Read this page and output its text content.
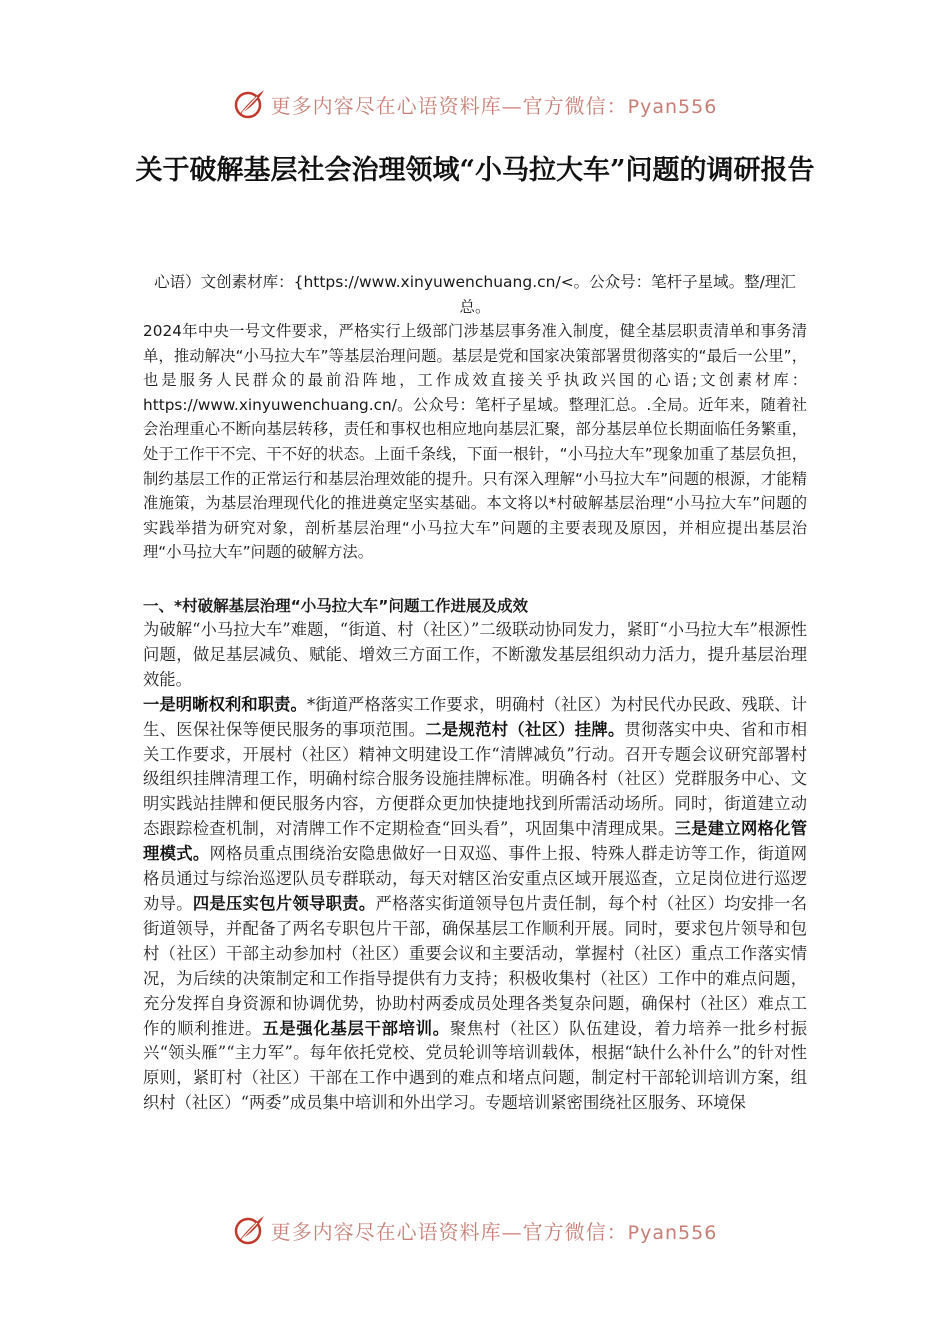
更多内容尽在心语资料库—官方微信：Pyan556
关于破解基层社会治理领域“小马拉大车”问题的调研报告
心语）文创素材库：{https://www.xinyuwenchuang.cn/<。公众号：笔杆子星域。整/理汇总。
2024年中央一号文件要求，严格实行上级部门涉基层事务准入制度，健全基层职责清单和事务清单，推动解决“小马拉大车”等基层治理问题。基层是党和国家决策部署贯彻落实的“最后一公里”，也是服务人民群众的最前沿阵地，工作成效直接关乎执政兴国的心语;文创素材库：https://www.xinyuwenchuang.cn/。公众号：笔杆子星域。整理汇总。.全局。近年来，随着社会治理重心不断向基层转移，责任和事权也相应地向基层汇聚，部分基层单位长期面临任务繁重，处于工作干不完、干不好的状态。上面千条线，下面一根针，“小马拉大车”现象加重了基层负担，制约基层工作的正常运行和基层治理效能的提升。只有深入理解“小马拉大车”问题的根源，才能精准施策，为基层治理现代化的推进奠定坚实基础。本文将以*村破解基层治理“小马拉大车”问题的实践举措为研究对象，剖析基层治理“小马拉大车”问题的主要表现及原因，并相应提出基层治理“小马拉大车”问题的破解方法。
一、*村破解基层治理“小马拉大车”问题工作进展及成效

为破解“小马拉大车”难题，“街道、村（社区）”二级联动协同发力，紧盯“小马拉大车”根源性问题，做足基层减负、赋能、增效三方面工作，不断激发基层组织动力活力，提升基层治理效能。

一是明晰权利和职责。*街道严格落实工作要求，明确村（社区）为村民代办民政、残联、计生、医保社保等便民服务的事项范围。二是规范村（社区）挂牌。贯彻落实中央、省和市相关工作要求，开展村（社区）精神文明建设工作“清牌减负”行动。召开专题会议研究部署村级组织挂牌清理工作，明确村综合服务设施挂牌标准。明确各村（社区）党群服务中心、文明实践站挂牌和便民服务内容，方便群众更加快捷地找到所需活动场所。同时，街道建立动态跟踪检查机制，对清牌工作不定期检查“回头看”，巩固集中清理成果。三是建立网格化管理模式。网格员重点围绕治安隐患做好一日双巡、事件上报、特殊人群走访等工作，街道网格员通过与综治巡逻队员专群联动，每天对辖区治安重点区域开展巡查，立足岗位进行巡逻劝导。四是压实包片领导职责。严格落实街道领导包片责任制，每个村（社区）均安排一名街道领导，并配备了两名专职包片干部，确保基层工作顺利开展。同时，要求包片领导和包村（社区）干部主动参加村（社区）重要会议和主要活动，掌握村（社区）重点工作落实情况，为后续的决策制定和工作指导提供有力支持；积极收集村（社区）工作中的难点问题，充分发挥自身资源和协调优势，协助村两委成员处理各类复杂问题，确保村（社区）难点工作的顺利推进。五是强化基层干部培训。聚焦村（社区）队伍建设，着力培养一批乡村振兴“领头雁”“主力军”。每年依托党校、党员轮训等培训载体，根据“缺什么补什么”的针对性原则，紧盯村（社区）干部在工作中遇到的难点和堵点问题，制定村干部轮训培训方案，组织村（社区）“两委”成员集中培训和外出学习。专题培训紧密围绕社区服务、环境保

更多内容尽在心语资料库—官方微信：Pyan556
